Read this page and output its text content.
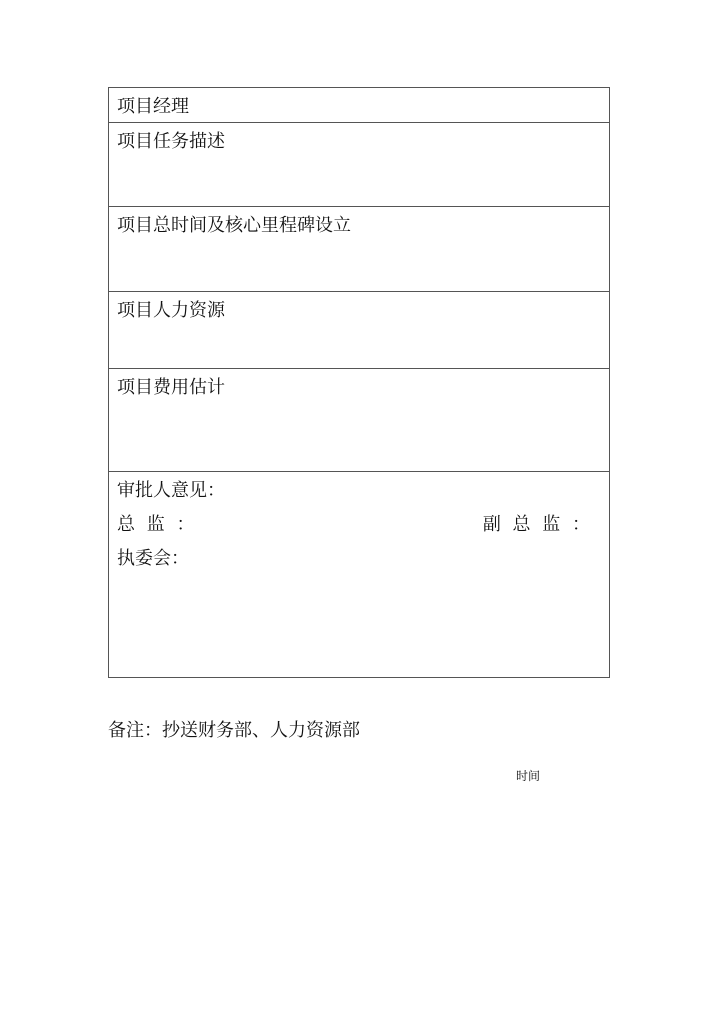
项目经理
项目任务描述
项目总时间及核心里程碑设立
项目人力资源
项目费用估计
审批人意见：
总 监 ：	副 总 监 ：
执委会：
备注：抄送财务部、人力资源部
时间
